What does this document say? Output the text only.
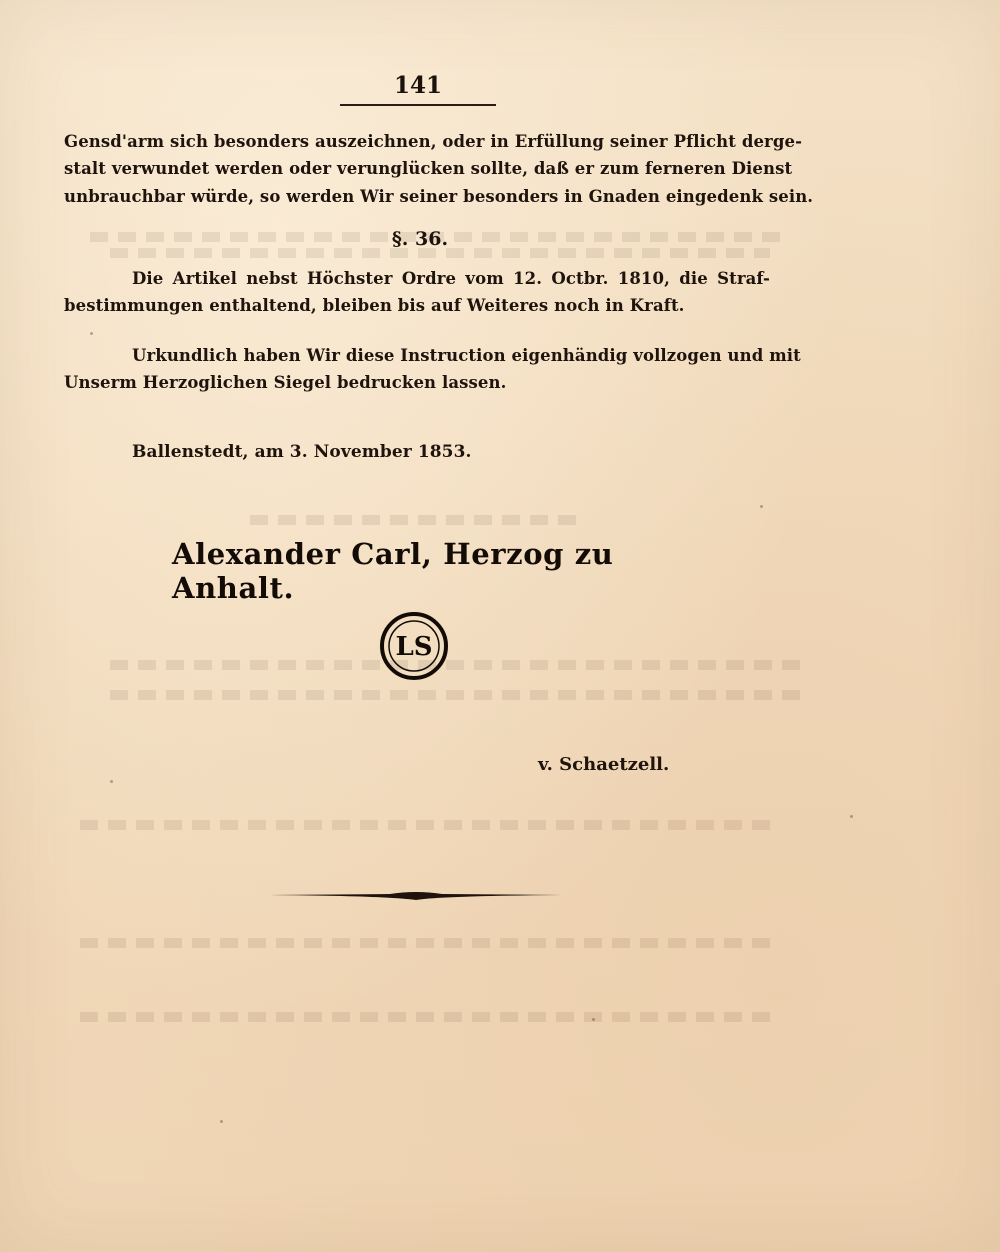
141
Gensd'arm sich besonders auszeichnen, oder in Erfüllung seiner Pflicht derge-
stalt verwundet werden oder verunglücken sollte, daß er zum ferneren Dienst
unbrauchbar würde, so werden Wir seiner besonders in Gnaden eingedenk sein.
§. 36.
Die Artikel nebst Höchster Ordre vom 12. Octbr. 1810, die Straf-
bestimmungen enthaltend, bleiben bis auf Weiteres noch in Kraft.
Urkundlich haben Wir diese Instruction eigenhändig vollzogen und mit
Unserm Herzoglichen Siegel bedrucken lassen.
Ballenstedt, am 3. November 1853.
Alexander Carl, Herzog zu Anhalt.
LS
v. Schaetzell.
